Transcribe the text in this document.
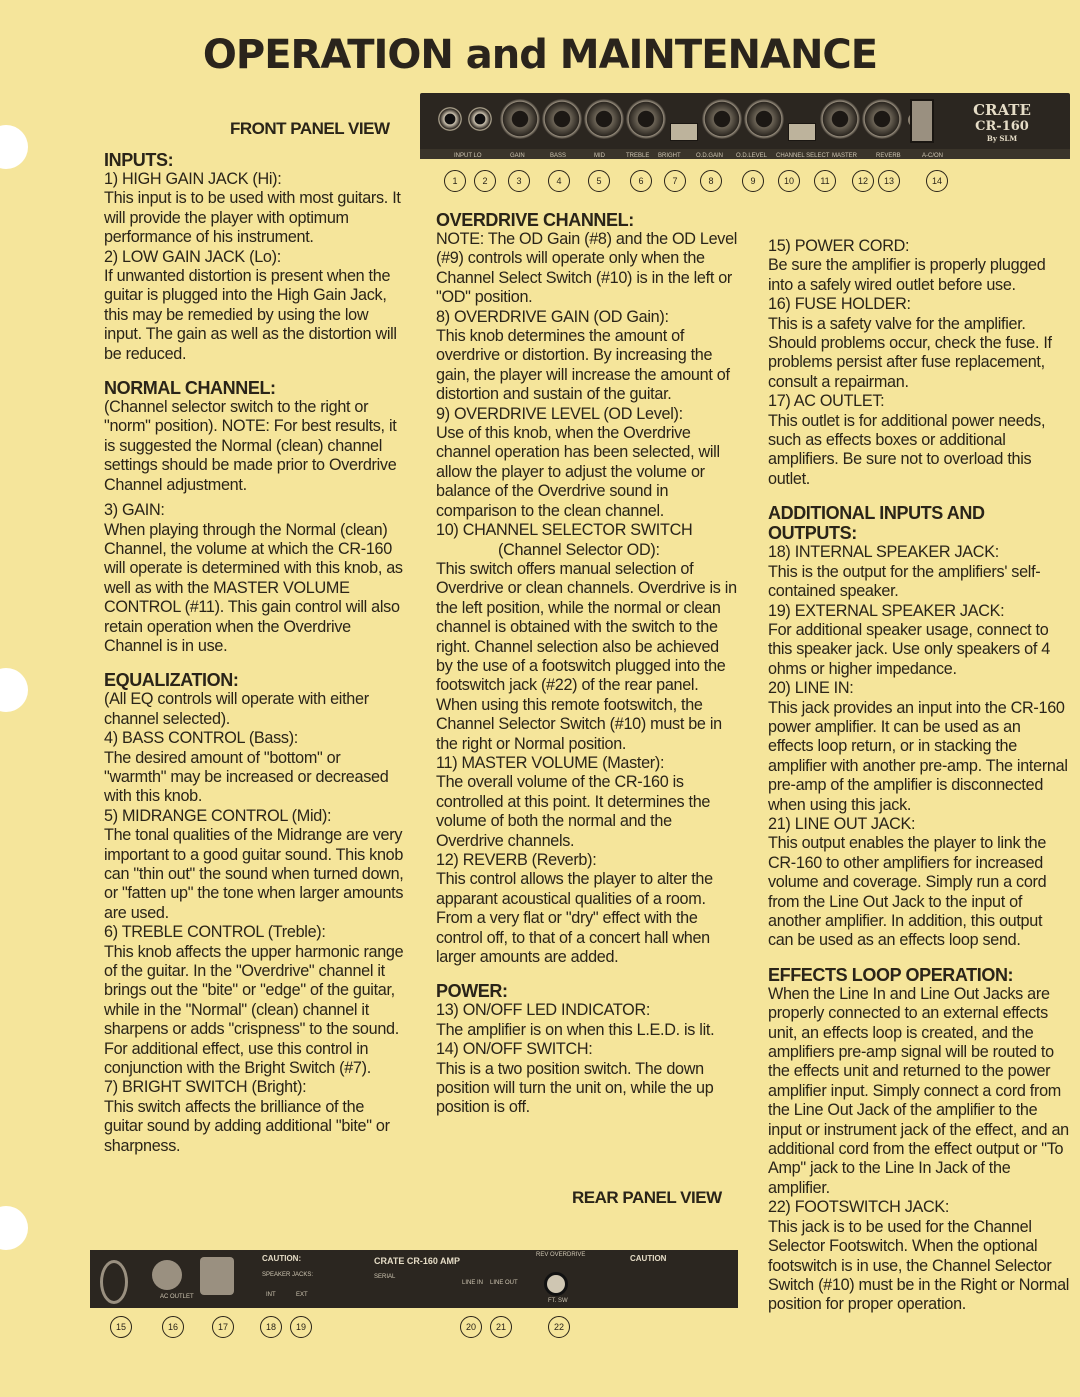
OPERATION and MAINTENANCE
FRONT PANEL VIEW
CRATE
CR-160
By SLM
INPUT LO	GAIN	BASS	MID	TREBLE BRIGHT	O.D.GAIN O.D.LEVEL CHANNEL SELECT MASTER	REVERB	A-C/ON
1	2	3	4	5	6	7	8	9	10	11	12	13	14
INPUTS:

1) HIGH GAIN JACK (Hi):

This input is to be used with most guitars. It will provide the player with optimum performance of his instrument.

2) LOW GAIN JACK (Lo):

If unwanted distortion is present when the guitar is plugged into the High Gain Jack, this may be remedied by using the low input. The gain as well as the distortion will be reduced.

NORMAL CHANNEL:

(Channel selector switch to the right or "norm" position). NOTE: For best results, it is suggested the Normal (clean) channel settings should be made prior to Overdrive Channel adjustment.

3) GAIN:

When playing through the Normal (clean) Channel, the volume at which the CR-160 will operate is determined with this knob, as well as with the MASTER VOLUME CONTROL (#11). This gain control will also retain operation when the Overdrive Channel is in use.

EQUALIZATION:

(All EQ controls will operate with either channel selected).

4) BASS CONTROL (Bass):

The desired amount of "bottom" or "warmth" may be increased or decreased with this knob.

5) MIDRANGE CONTROL (Mid):

The tonal qualities of the Midrange are very important to a good guitar sound. This knob can "thin out" the sound when turned down, or "fatten up" the tone when larger amounts are used.

6) TREBLE CONTROL (Treble):

This knob affects the upper harmonic range of the guitar. In the "Overdrive" channel it brings out the "bite" or "edge" of the guitar, while in the "Normal" (clean) channel it sharpens or adds "crispness" to the sound. For additional effect, use this control in conjunction with the Bright Switch (#7).

7) BRIGHT SWITCH (Bright):

This switch affects the brilliance of the guitar sound by adding additional "bite" or sharpness.

OVERDRIVE CHANNEL:

NOTE: The OD Gain (#8) and the OD Level (#9) controls will operate only when the Channel Select Switch (#10) is in the left or "OD" position.

8) OVERDRIVE GAIN (OD Gain):

This knob determines the amount of overdrive or distortion. By increasing the gain, the player will increase the amount of distortion and sustain of the guitar.

9) OVERDRIVE LEVEL (OD Level):

Use of this knob, when the Overdrive channel operation has been selected, will allow the player to adjust the volume or balance of the Overdrive sound in comparison to the clean channel.

10) CHANNEL SELECTOR SWITCH

(Channel Selector OD):

This switch offers manual selection of Overdrive or clean channels. Overdrive is in the left position, while the normal or clean channel is obtained with the switch to the right. Channel selection also be achieved by the use of a footswitch plugged into the footswitch jack (#22) of the rear panel. When using this remote footswitch, the Channel Selector Switch (#10) must be in the right or Normal position.

11) MASTER VOLUME (Master):

The overall volume of the CR-160 is controlled at this point. It determines the volume of both the normal and the Overdrive channels.

12) REVERB (Reverb):

This control allows the player to alter the apparant acoustical qualities of a room. From a very flat or "dry" effect with the control off, to that of a concert hall when larger amounts are added.

POWER:

13) ON/OFF LED INDICATOR:

The amplifier is on when this L.E.D. is lit.

14) ON/OFF SWITCH:

This is a two position switch. The down position will turn the unit on, while the up position is off.

15) POWER CORD:

Be sure the amplifier is properly plugged into a safely wired outlet before use.

16) FUSE HOLDER:

This is a safety valve for the amplifier. Should problems occur, check the fuse. If problems persist after fuse replacement, consult a repairman.

17) AC OUTLET:

This outlet is for additional power needs, such as effects boxes or additional amplifiers. Be sure not to overload this outlet.

ADDITIONAL INPUTS AND OUTPUTS:

18) INTERNAL SPEAKER JACK:

This is the output for the amplifiers' self-contained speaker.

19) EXTERNAL SPEAKER JACK:

For additional speaker usage, connect to this speaker jack. Use only speakers of 4 ohms or higher impedance.

20) LINE IN:

This jack provides an input into the CR-160 power amplifier. It can be used as an effects loop return, or in stacking the amplifier with another pre-amp. The internal pre-amp of the amplifier is disconnected when using this jack.

21) LINE OUT JACK:

This output enables the player to link the CR-160 to other amplifiers for increased volume and coverage. Simply run a cord from the Line Out Jack to the input of another amplifier. In addition, this output can be used as an effects loop send.

EFFECTS LOOP OPERATION:

When the Line In and Line Out Jacks are properly connected to an external effects unit, an effects loop is created, and the amplifiers pre-amp signal will be routed to the effects unit and returned to the power amplifier input. Simply connect a cord from the Line Out Jack of the amplifier to the input or instrument jack of the effect, and an additional cord from the effect output or "To Amp" jack to the Line In Jack of the amplifier.

22) FOOTSWITCH JACK:

This jack is to be used for the Channel Selector Footswitch. When the optional footswitch is in use, the Channel Selector Switch (#10) must be in the Right or Normal position for proper operation.

REAR PANEL VIEW
AC OUTLET
CAUTION:
SPEAKER JACKS:
INT	EXT
CRATE CR-160 AMP
SERIAL
LINE IN LINE OUT
REV OVERDRIVE
FT. SW
CAUTION
15	16	17	18	19	20	21	22
